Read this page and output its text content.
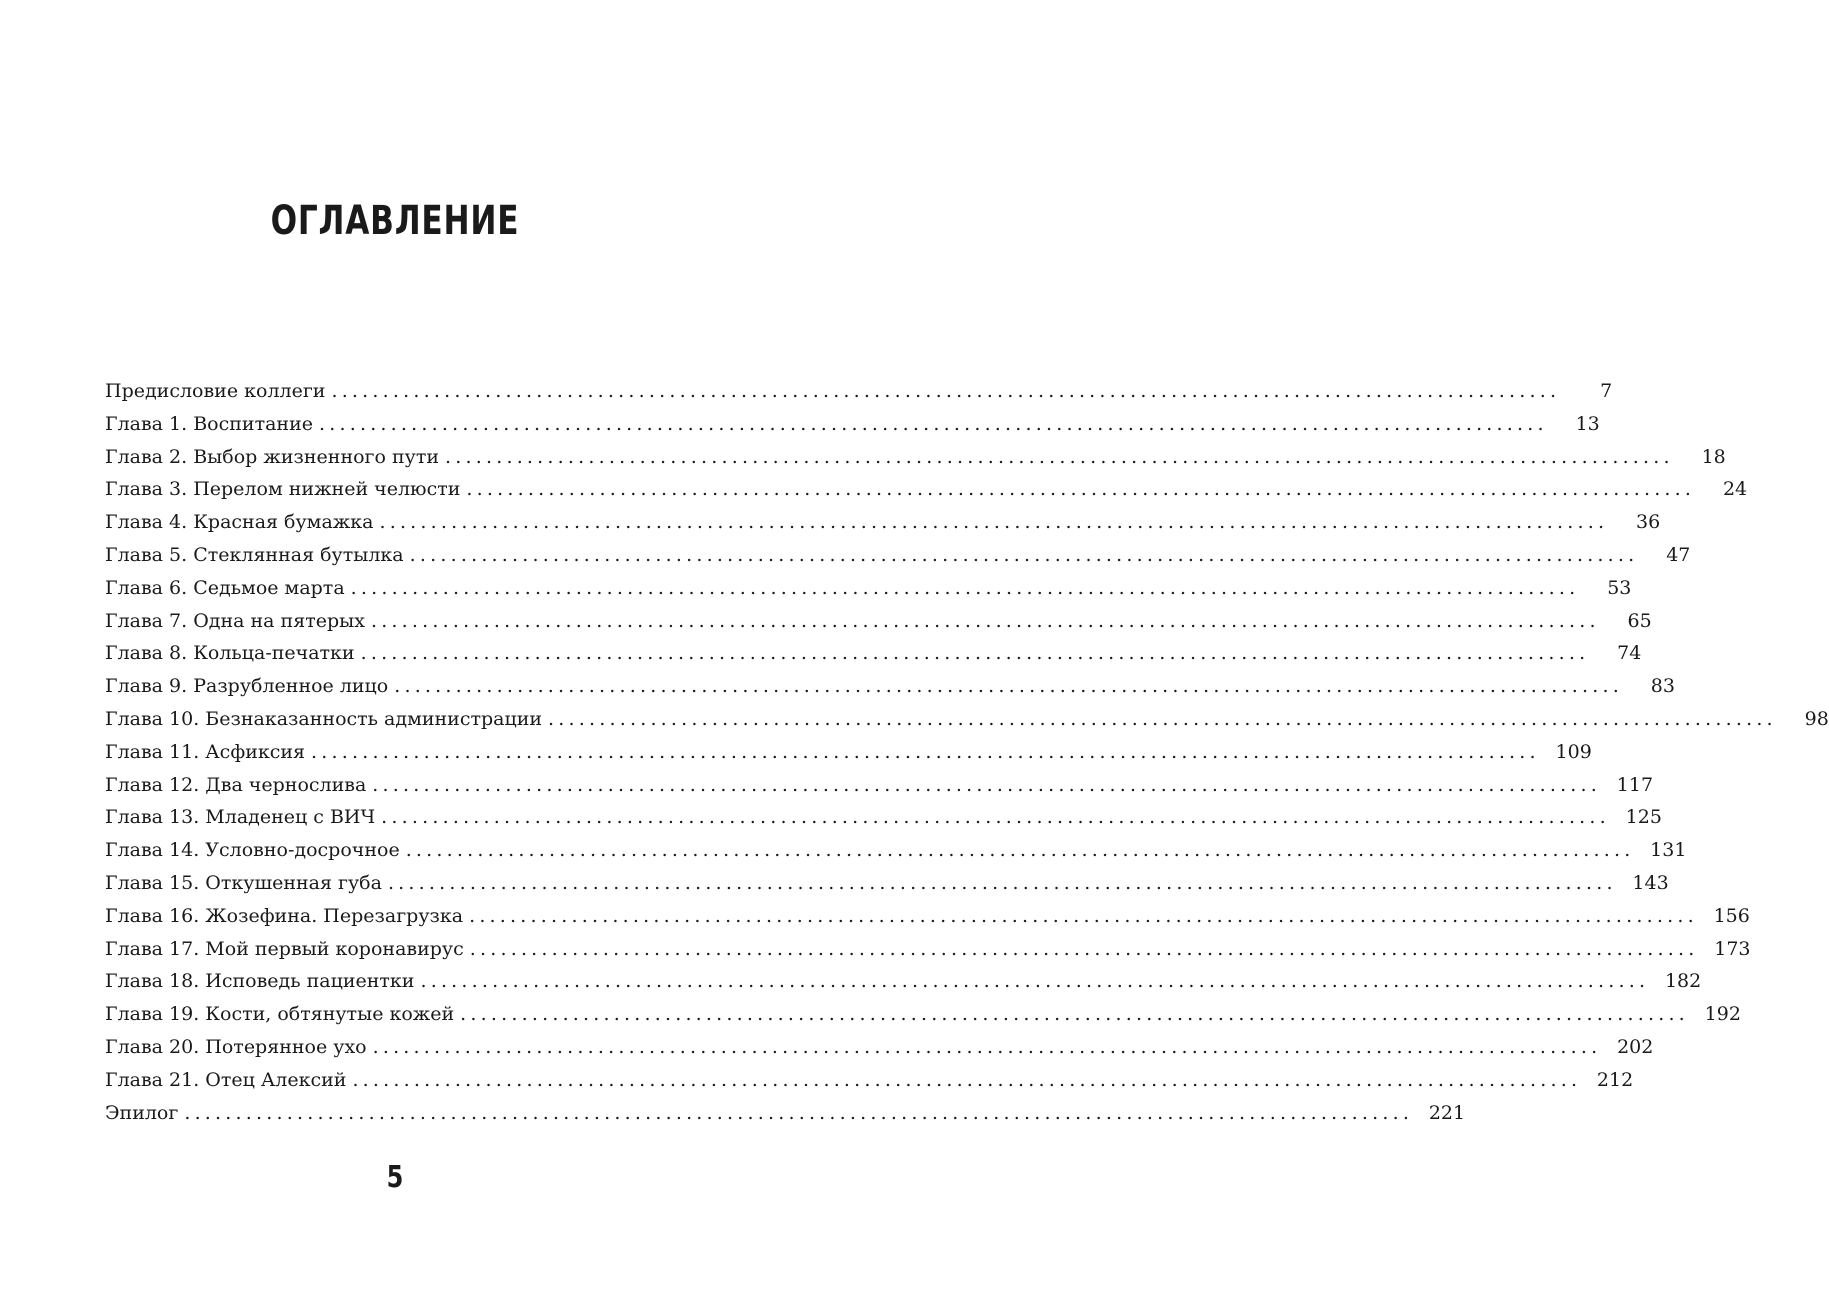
ОГЛАВЛЕНИЕ
Предисловие коллеги ........................................................................................................................	7
Глава 1. Воспитание ........................................................................................................................	13
Глава 2. Выбор жизненного пути ........................................................................................................................	18
Глава 3. Перелом нижней челюсти ........................................................................................................................	24
Глава 4. Красная бумажка ........................................................................................................................	36
Глава 5. Стеклянная бутылка ........................................................................................................................	47
Глава 6. Седьмое марта ........................................................................................................................	53
Глава 7. Одна на пятерых ........................................................................................................................	65
Глава 8. Кольца-печатки ........................................................................................................................	74
Глава 9. Разрубленное лицо ........................................................................................................................	83
Глава 10. Безнаказанность администрации ........................................................................................................................	98
Глава 11. Асфиксия ........................................................................................................................ 109
Глава 12. Два чернослива ........................................................................................................................ 117
Глава 13. Младенец с ВИЧ ........................................................................................................................ 125
Глава 14. Условно-досрочное ........................................................................................................................ 131
Глава 15. Откушенная губа ........................................................................................................................ 143
Глава 16. Жозефина. Перезагрузка ........................................................................................................................ 156
Глава 17. Мой первый коронавирус ........................................................................................................................ 173
Глава 18. Исповедь пациентки ........................................................................................................................ 182
Глава 19. Кости, обтянутые кожей ........................................................................................................................ 192
Глава 20. Потерянное ухо ........................................................................................................................ 202
Глава 21. Отец Алексий ........................................................................................................................ 212
Эпилог ........................................................................................................................ 221
5
